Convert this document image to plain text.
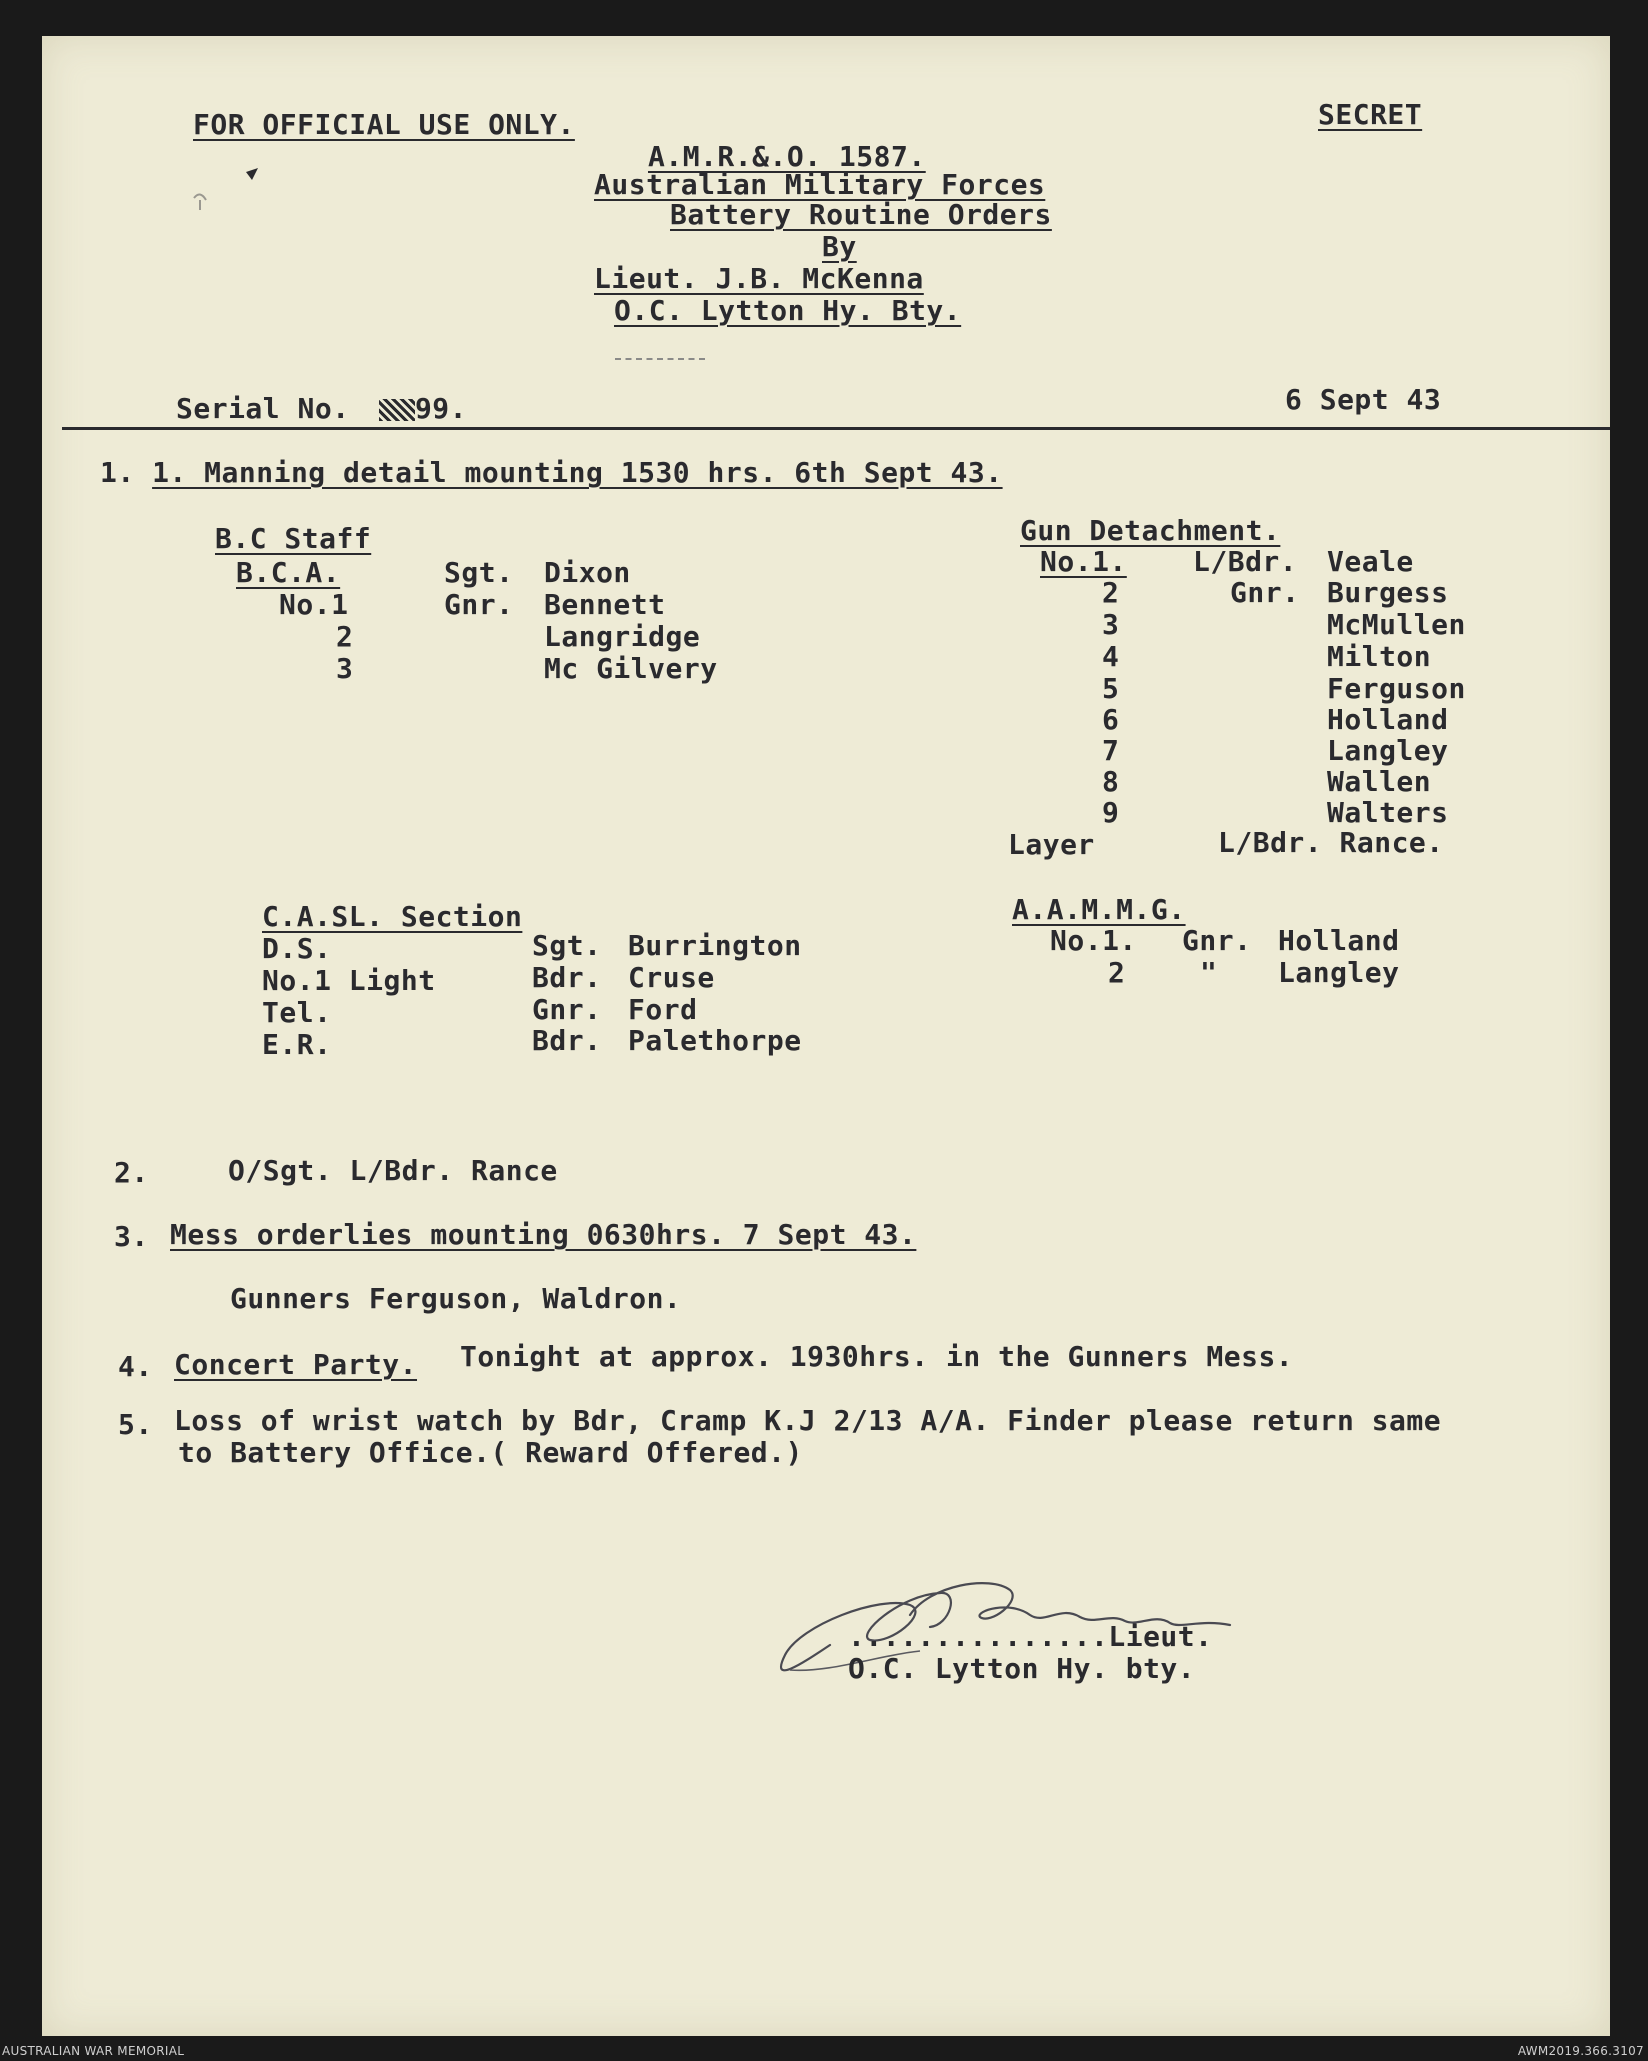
FOR OFFICIAL USE ONLY.	SECRET
A.M.R.&.O. 1587.
Australian Military Forces
Battery Routine Orders
By
Lieut. J.B. McKenna
O.C. Lytton Hy. Bty.
Serial No. 99.	6 Sept 43
1. 1. Manning detail mounting 1530 hrs. 6th Sept 43.
B.C Staff
B.C.A.	Sgt. Dixon
No.1	Gnr. Bennett
2	Langridge
3	Mc Gilvery
Gun Detachment.
No.1. L/Bdr. Veale
2	Gnr. Burgess
3	McMullen
4	Milton
5	Ferguson
6	Holland
7	Langley
8	Wallen
9	Walters
Layer	L/Bdr. Rance.
C.A.SL. Section
D.S.	Sgt. Burrington
No.1 Light	Bdr. Cruse
Tel.	Gnr. Ford
E.R.	Bdr. Palethorpe
A.A.M.M.G.
No.1. Gnr. Holland
2	" Langley
2.	O/Sgt. L/Bdr. Rance
3. Mess orderlies mounting 0630hrs. 7 Sept 43.
Gunners Ferguson, Waldron.
4. Concert Party. Tonight at approx. 1930hrs. in the Gunners Mess.
5. Loss of wrist watch by Bdr, Cramp K.J 2/13 A/A. Finder please return same
to Battery Office.( Reward Offered.)
...............Lieut.
O.C. Lytton Hy. bty.
AUSTRALIAN WAR MEMORIAL	AWM2019.366.3107
